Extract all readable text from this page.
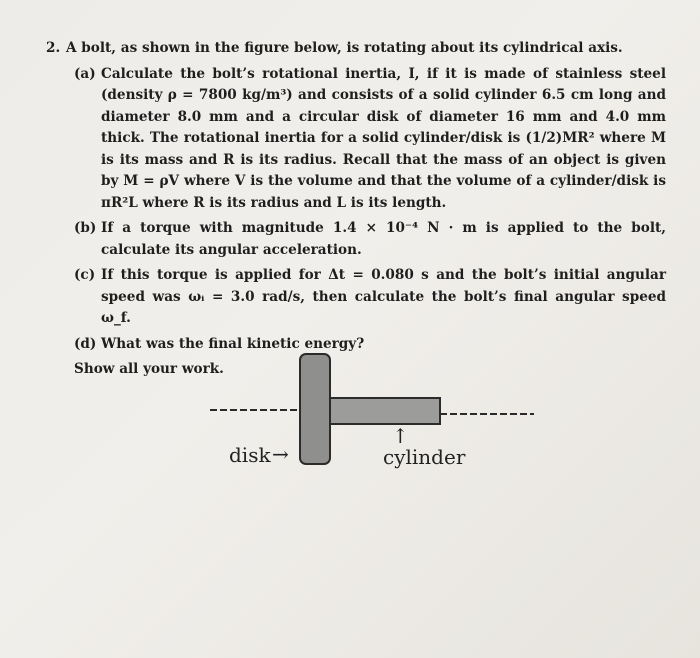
2. A bolt, as shown in the figure below, is rotating about its cylindrical axis.
(a) Calculate the bolt’s rotational inertia, I, if it is made of stainless steel (density ρ = 7800 kg/m³) and consists of a solid cylinder 6.5 cm long and diameter 8.0 mm and a circular disk of diameter 16 mm and 4.0 mm thick. The rotational inertia for a solid cylinder/disk is (1/2)MR² where M is its mass and R is its radius. Recall that the mass of an object is given by M = ρV where V is the volume and that the volume of a cylinder/disk is πR²L where R is its radius and L is its length.
(b) If a torque with magnitude 1.4 × 10⁻⁴ N · m is applied to the bolt, calculate its angular acceleration.
(c) If this torque is applied for Δt = 0.080 s and the bolt’s initial angular speed was ωᵢ = 3.0 rad/s, then calculate the bolt’s final angular speed ω_f.
(d) What was the final kinetic energy?
Show all your work.
disk →
↑
cylinder
